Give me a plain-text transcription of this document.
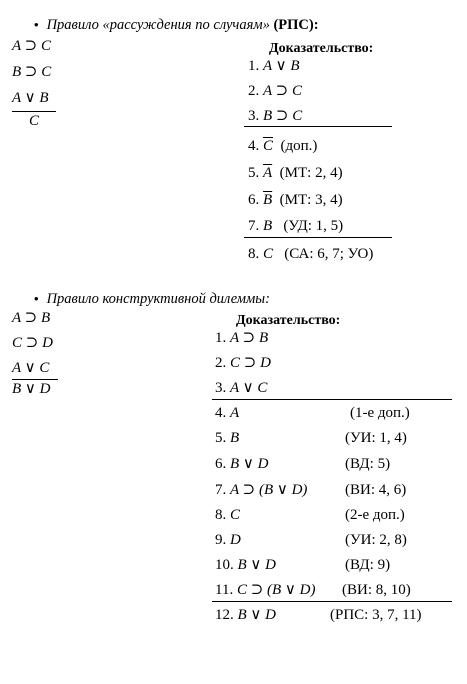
• Правило «рассуждения по случаям» (РПС):
A ⊃ C
B ⊃ C
A ∨ B
C
Доказательство:
1. A ∨ B
2. A ⊃ C
3. B ⊃ C
4. $\overline{C}$ (доп.)
5. $\overline{A}$ (МТ: 2, 4)
6. $\overline{B}$ (МТ: 3, 4)
7. B (УД: 1, 5)
8. C (СА: 6, 7; УО)
• Правило конструктивной дилеммы:
A ⊃ B
C ⊃ D
A ∨ C
B ∨ D
Доказательство:
1. A ⊃ B
2. C ⊃ D
3. A ∨ C
4. A	(1-е доп.)
5. B	(УИ: 1, 4)
6. B ∨ D	(ВД: 5)
7. A ⊃ (B ∨ D)	(ВИ: 4, 6)
8. C	(2-е доп.)
9. D	(УИ: 2, 8)
10. B ∨ D	(ВД: 9)
11. C ⊃ (B ∨ D) (ВИ: 8, 10)
12. B ∨ D	(РПС: 3, 7, 11)
